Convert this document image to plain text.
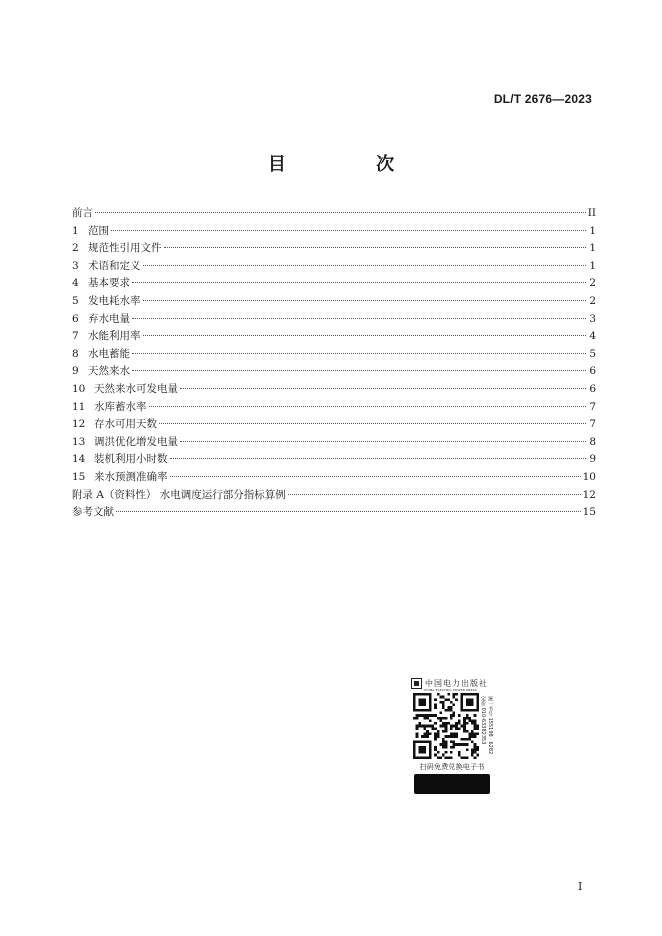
DL/T 2676—2023
目 次
前言	II
1 范围	1
2 规范性引用文件	1
3 术语和定义	1
4 基本要求	2
5 发电耗水率	2
6 弃水电量	3
7 水能利用率	4
8 水电蓄能	5
9 天然来水	6
10 天然来水可发电量	6
11 水库蓄水率	7
12 存水可用天数	7
13 调洪优化增发电量	8
14 装机利用小时数	9
15 来水预测准确率	10
附录 A（资料性） 水电调度运行部分指标算例	12
参考文献	15
中国电力出版社
CHINA ELECTRIC POWER PRESS
统一书号 155198 · 6282 定价 010-63382353
扫码免费兑换电子书
I
